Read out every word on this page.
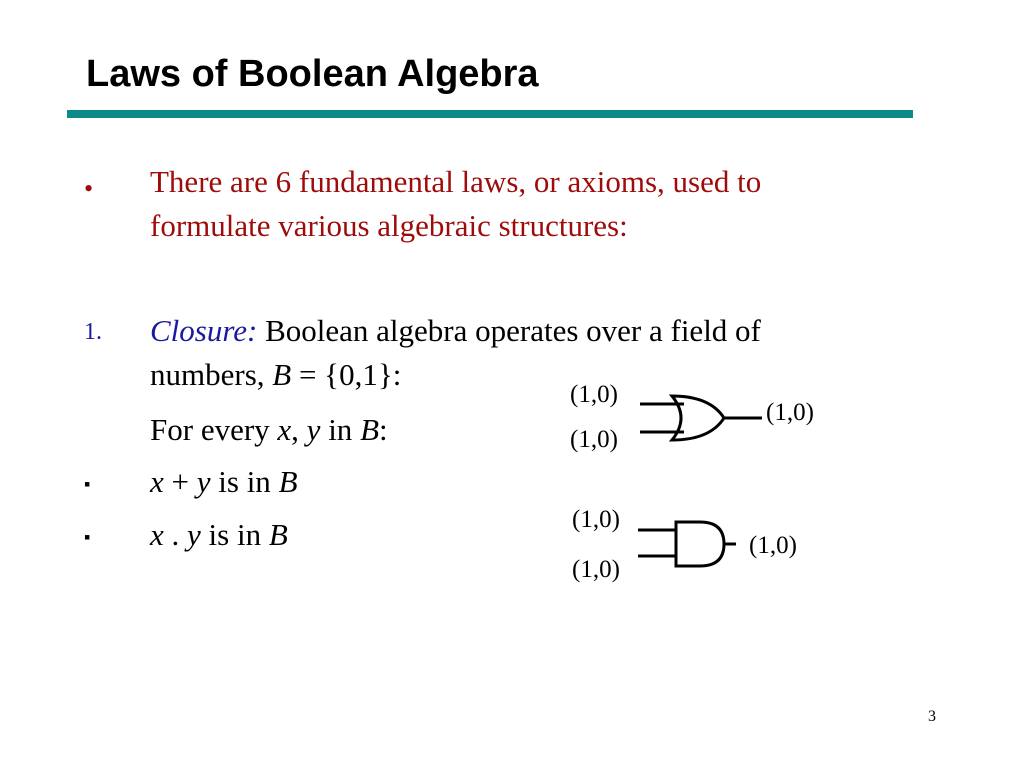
Laws of Boolean Algebra
• There are 6 fundamental laws, or axioms, used to
formulate various algebraic structures:
1. Closure: Boolean algebra operates over a field of
numbers, B = {0,1}:
For every x, y in B:
▪ x + y is in B
▪ x . y is in B
(1,0)
(1,0)
(1,0)
(1,0)
(1,0)
(1,0)
3
